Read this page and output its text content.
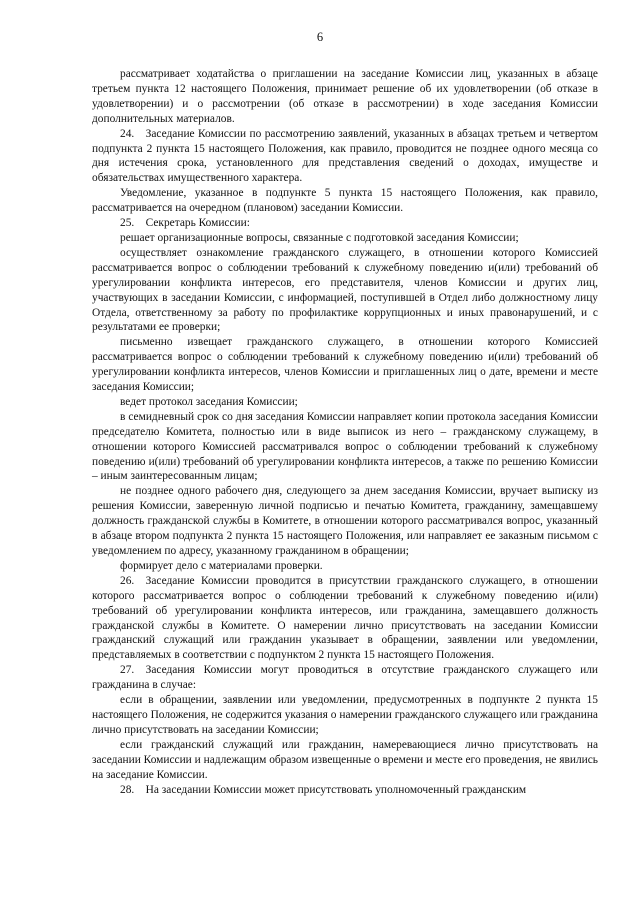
6

рассматривает ходатайства о приглашении на заседание Комиссии лиц, указанных в абзаце третьем пункта 12 настоящего Положения, принимает решение об их удовлетворении (об отказе в удовлетворении) и о рассмотрении (об отказе в рассмотрении) в ходе заседания Комиссии дополнительных материалов.

24. Заседание Комиссии по рассмотрению заявлений, указанных в абзацах третьем и четвертом подпункта 2 пункта 15 настоящего Положения, как правило, проводится не позднее одного месяца со дня истечения срока, установленного для представления сведений о доходах, имуществе и обязательствах имущественного характера.

Уведомление, указанное в подпункте 5 пункта 15 настоящего Положения, как правило, рассматривается на очередном (плановом) заседании Комиссии.

25. Секретарь Комиссии:

решает организационные вопросы, связанные с подготовкой заседания Комиссии;

осуществляет ознакомление гражданского служащего, в отношении которого Комиссией рассматривается вопрос о соблюдении требований к служебному поведению и(или) требований об урегулировании конфликта интересов, его представителя, членов Комиссии и других лиц, участвующих в заседании Комиссии, с информацией, поступившей в Отдел либо должностному лицу Отдела, ответственному за работу по профилактике коррупционных и иных правонарушений, и с результатами ее проверки;

письменно извещает гражданского служащего, в отношении которого Комиссией рассматривается вопрос о соблюдении требований к служебному поведению и(или) требований об урегулировании конфликта интересов, членов Комиссии и приглашенных лиц о дате, времени и месте заседания Комиссии;

ведет протокол заседания Комиссии;

в семидневный срок со дня заседания Комиссии направляет копии протокола заседания Комиссии председателю Комитета, полностью или в виде выписок из него – гражданскому служащему, в отношении которого Комиссией рассматривался вопрос о соблюдении требований к служебному поведению и(или) требований об урегулировании конфликта интересов, а также по решению Комиссии – иным заинтересованным лицам;

не позднее одного рабочего дня, следующего за днем заседания Комиссии, вручает выписку из решения Комиссии, заверенную личной подписью и печатью Комитета, гражданину, замещавшему должность гражданской службы в Комитете, в отношении которого рассматривался вопрос, указанный в абзаце втором подпункта 2 пункта 15 настоящего Положения, или направляет ее заказным письмом с уведомлением по адресу, указанному гражданином в обращении;

формирует дело с материалами проверки.

26. Заседание Комиссии проводится в присутствии гражданского служащего, в отношении которого рассматривается вопрос о соблюдении требований к служебному поведению и(или) требований об урегулировании конфликта интересов, или гражданина, замещавшего должность гражданской службы в Комитете. О намерении лично присутствовать на заседании Комиссии гражданский служащий или гражданин указывает в обращении, заявлении или уведомлении, представляемых в соответствии с подпунктом 2 пункта 15 настоящего Положения.

27. Заседания Комиссии могут проводиться в отсутствие гражданского служащего или гражданина в случае:

если в обращении, заявлении или уведомлении, предусмотренных в подпункте 2 пункта 15 настоящего Положения, не содержится указания о намерении гражданского служащего или гражданина лично присутствовать на заседании Комиссии;

если гражданский служащий или гражданин, намеревающиеся лично присутствовать на заседании Комиссии и надлежащим образом извещенные о времени и месте его проведения, не явились на заседание Комиссии.

28. На заседании Комиссии может присутствовать уполномоченный гражданским
